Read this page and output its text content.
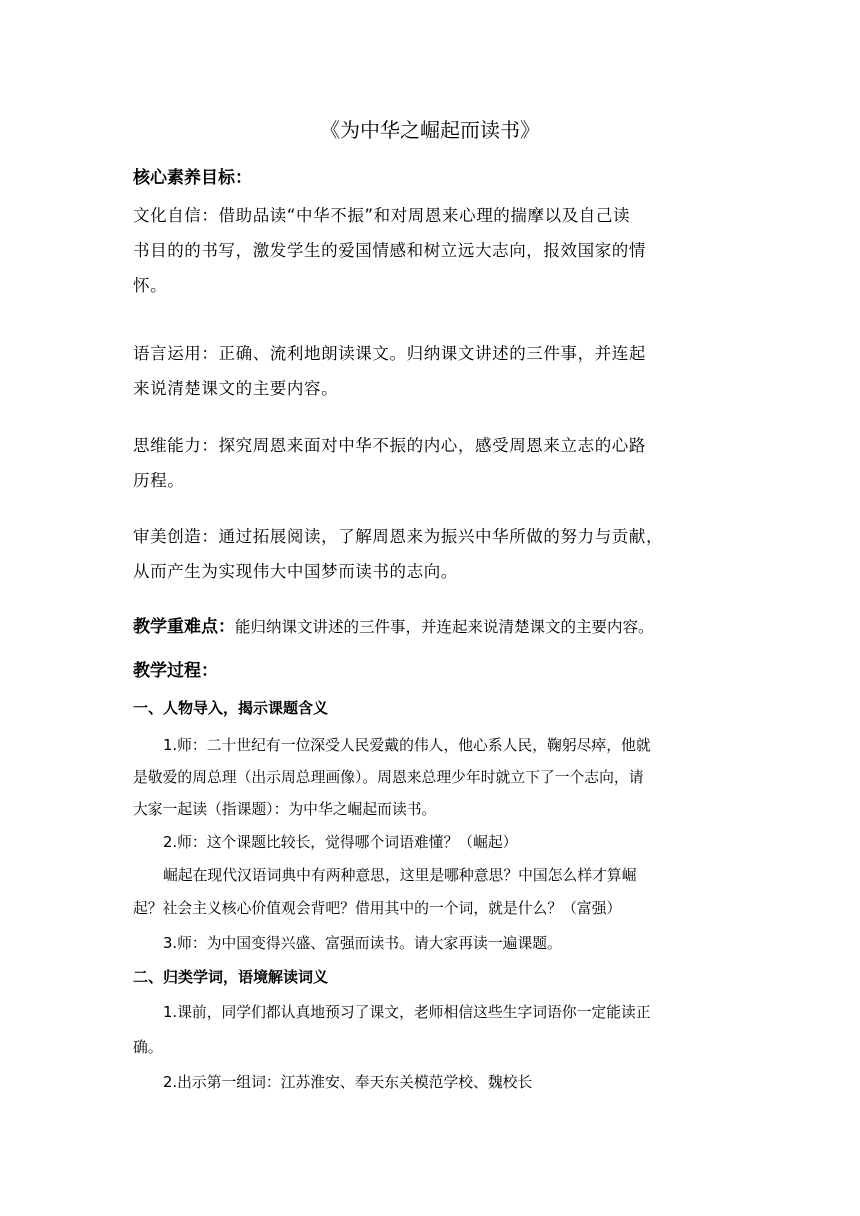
《为中华之崛起而读书》
核心素养目标：
文化自信：借助品读“中华不振”和对周恩来心理的揣摩以及自己读
书目的的书写，激发学生的爱国情感和树立远大志向，报效国家的情
怀。
语言运用：正确、流利地朗读课文。归纳课文讲述的三件事，并连起
来说清楚课文的主要内容。
思维能力：探究周恩来面对中华不振的内心，感受周恩来立志的心路
历程。
审美创造：通过拓展阅读，了解周恩来为振兴中华所做的努力与贡献，
从而产生为实现伟大中国梦而读书的志向。
教学重难点：能归纳课文讲述的三件事，并连起来说清楚课文的主要内容。
教学过程：
一、人物导入，揭示课题含义
1.师：二十世纪有一位深受人民爱戴的伟人，他心系人民，鞠躬尽瘁，他就
是敬爱的周总理（出示周总理画像）。周恩来总理少年时就立下了一个志向，请
大家一起读（指课题）：为中华之崛起而读书。
2.师：这个课题比较长，觉得哪个词语难懂？（崛起）
崛起在现代汉语词典中有两种意思，这里是哪种意思？中国怎么样才算崛
起？社会主义核心价值观会背吧？借用其中的一个词，就是什么？（富强）
3.师：为中国变得兴盛、富强而读书。请大家再读一遍课题。
二、归类学词，语境解读词义
1.课前，同学们都认真地预习了课文，老师相信这些生字词语你一定能读正
确。
2.出示第一组词：江苏淮安、奉天东关模范学校、魏校长
